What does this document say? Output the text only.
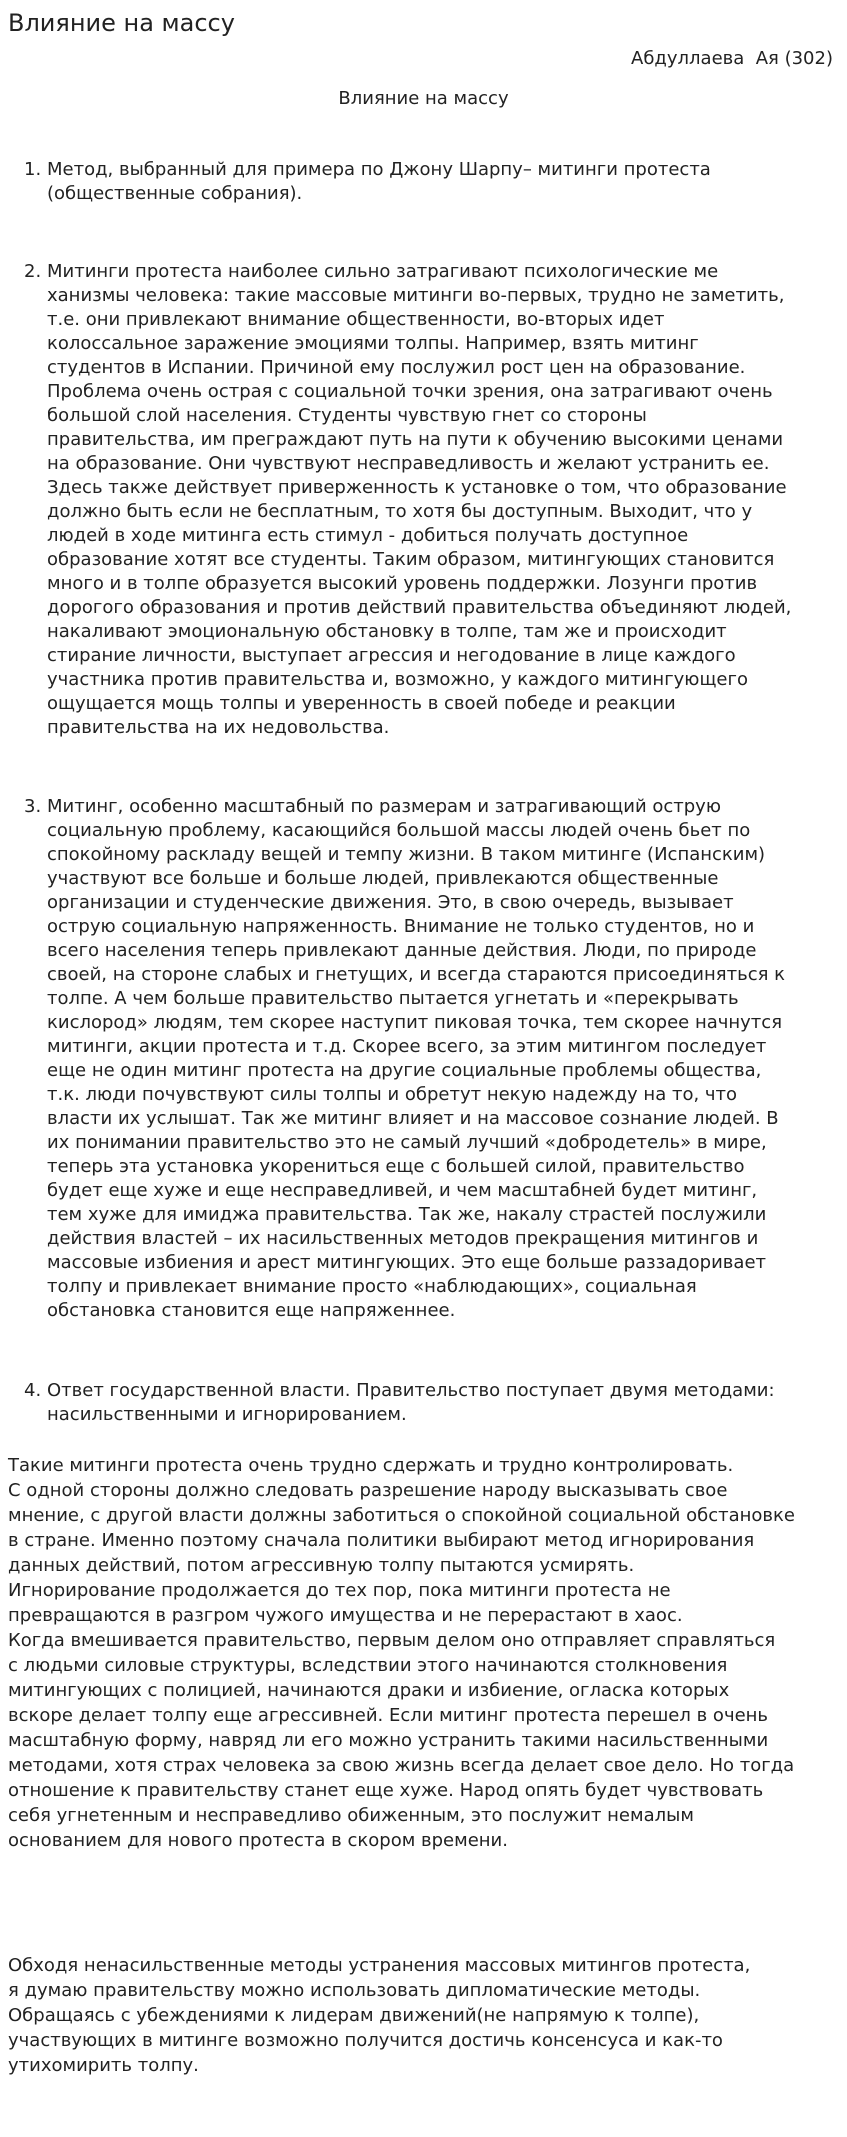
Влияние на массу
Абдуллаева  Ая (302)
Влияние на массу
1. Метод, выбранный для примера по Джону Шарпу– митинги протеста
(общественные собрания).
2. Митинги протеста наиболее сильно затрагивают психологические ме
ханизмы человека: такие массовые митинги во-первых, трудно не заметить,
т.е. они привлекают внимание общественности, во-вторых идет
колоссальное заражение эмоциями толпы. Например, взять митинг
студентов в Испании. Причиной ему послужил рост цен на образование.
Проблема очень острая с социальной точки зрения, она затрагивают очень
большой слой населения. Студенты чувствую гнет со стороны
правительства, им преграждают путь на пути к обучению высокими ценами
на образование. Они чувствуют несправедливость и желают устранить ее.
Здесь также действует приверженность к установке о том, что образование
должно быть если не бесплатным, то хотя бы доступным. Выходит, что у
людей в ходе митинга есть стимул - добиться получать доступное
образование хотят все студенты. Таким образом, митингующих становится
много и в толпе образуется высокий уровень поддержки. Лозунги против
дорогого образования и против действий правительства объединяют людей,
накаливают эмоциональную обстановку в толпе, там же и происходит
стирание личности, выступает агрессия и негодование в лице каждого
участника против правительства и, возможно, у каждого митингующего
ощущается мощь толпы и уверенность в своей победе и реакции
правительства на их недовольства.
3. Митинг, особенно масштабный по размерам и затрагивающий острую
социальную проблему, касающийся большой массы людей очень бьет по
спокойному раскладу вещей и темпу жизни. В таком митинге (Испанским)
участвуют все больше и больше людей, привлекаются общественные
организации и студенческие движения. Это, в свою очередь, вызывает
острую социальную напряженность. Внимание не только студентов, но и
всего населения теперь привлекают данные действия. Люди, по природе
своей, на стороне слабых и гнетущих, и всегда стараются присоединяться к
толпе. А чем больше правительство пытается угнетать и «перекрывать
кислород» людям, тем скорее наступит пиковая точка, тем скорее начнутся
митинги, акции протеста и т.д. Скорее всего, за этим митингом последует
еще не один митинг протеста на другие социальные проблемы общества,
т.к. люди почувствуют силы толпы и обретут некую надежду на то, что
власти их услышат. Так же митинг влияет и на массовое сознание людей. В
их понимании правительство это не самый лучший «добродетель» в мире,
теперь эта установка укорениться еще с большей силой, правительство
будет еще хуже и еще несправедливей, и чем масштабней будет митинг,
тем хуже для имиджа правительства. Так же, накалу страстей послужили
действия властей – их насильственных методов прекращения митингов и
массовые избиения и арест митингующих. Это еще больше раззадоривает
толпу и привлекает внимание просто «наблюдающих», социальная
обстановка становится еще напряженнее.
4. Ответ государственной власти. Правительство поступает двумя методами:
насильственными и игнорированием.

Такие митинги протеста очень трудно сдержать и трудно контролировать.
С одной стороны должно следовать разрешение народу высказывать свое
мнение, с другой власти должны заботиться о спокойной социальной обстановке
в стране. Именно поэтому сначала политики выбирают метод игнорирования
данных действий, потом агрессивную толпу пытаются усмирять.
Игнорирование продолжается до тех пор, пока митинги протеста не
превращаются в разгром чужого имущества и не перерастают в хаос.
Когда вмешивается правительство, первым делом оно отправляет справляться
с людьми силовые структуры, вследствии этого начинаются столкновения
митингующих с полицией, начинаются драки и избиение, огласка которых
вскоре делает толпу еще агрессивней. Если митинг протеста перешел в очень
масштабную форму, навряд ли его можно устранить такими насильственными
методами, хотя страх человека за свою жизнь всегда делает свое дело. Но тогда
отношение к правительству станет еще хуже. Народ опять будет чувствовать
себя угнетенным и несправедливо обиженным, это послужит немалым
основанием для нового протеста в скором времени.

Обходя ненасильственные методы устранения массовых митингов протеста,
я думаю правительству можно использовать дипломатические методы.
Обращаясь с убеждениями к лидерам движений(не напрямую к толпе),
участвующих в митинге возможно получится достичь консенсуса и как-то
утихомирить толпу.
